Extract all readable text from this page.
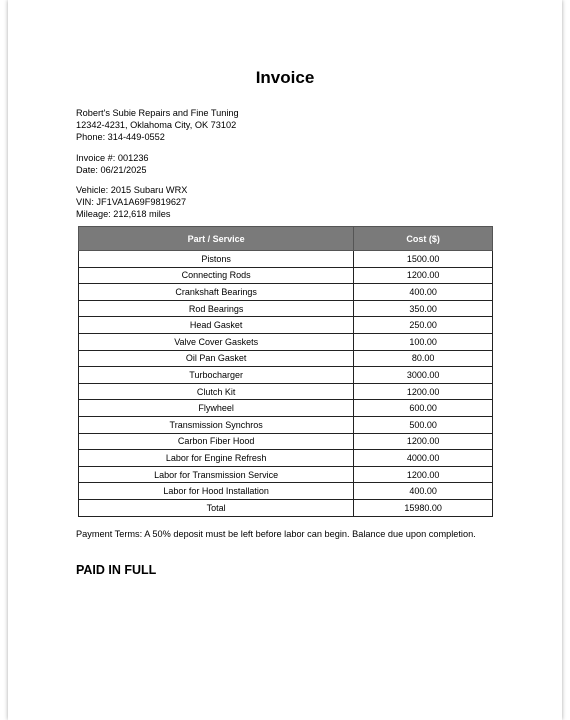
Invoice
Robert's Subie Repairs and Fine Tuning
12342-4231, Oklahoma City, OK 73102
Phone: 314-449-0552
Invoice #: 001236
Date: 06/21/2025
Vehicle: 2015 Subaru WRX
VIN: JF1VA1A69F9819627
Mileage: 212,618 miles
Part / Service	Cost ($)
Pistons	1500.00
Connecting Rods	1200.00
Crankshaft Bearings	400.00
Rod Bearings	350.00
Head Gasket	250.00
Valve Cover Gaskets	100.00
Oil Pan Gasket	80.00
Turbocharger	3000.00
Clutch Kit	1200.00
Flywheel	600.00
Transmission Synchros	500.00
Carbon Fiber Hood	1200.00
Labor for Engine Refresh	4000.00
Labor for Transmission Service	1200.00
Labor for Hood Installation	400.00
Total	15980.00
Payment Terms: A 50% deposit must be left before labor can begin. Balance due upon completion.
PAID IN FULL
